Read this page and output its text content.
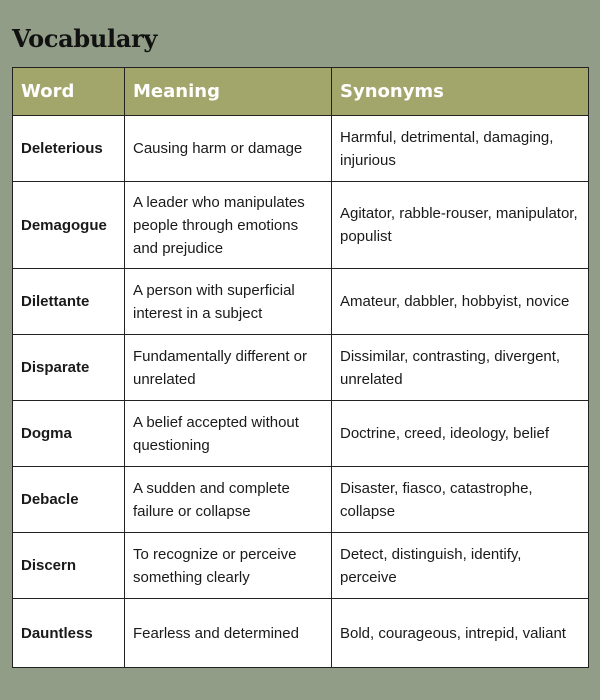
Vocabulary
Word	Meaning	Synonyms
Deleterious	Causing harm or damage	Harmful, detrimental, damaging, injurious
Demagogue	A leader who manipulates people through emotions and prejudice	Agitator, rabble-rouser, manipulator, populist
Dilettante	A person with superficial interest in a subject	Amateur, dabbler, hobbyist, novice
Disparate	Fundamentally different or unrelated	Dissimilar, contrasting, divergent, unrelated
Dogma	A belief accepted without questioning	Doctrine, creed, ideology, belief
Debacle	A sudden and complete failure or collapse	Disaster, fiasco, catastrophe, collapse
Discern	To recognize or perceive something clearly	Detect, distinguish, identify, perceive
Dauntless	Fearless and determined	Bold, courageous, intrepid, valiant
